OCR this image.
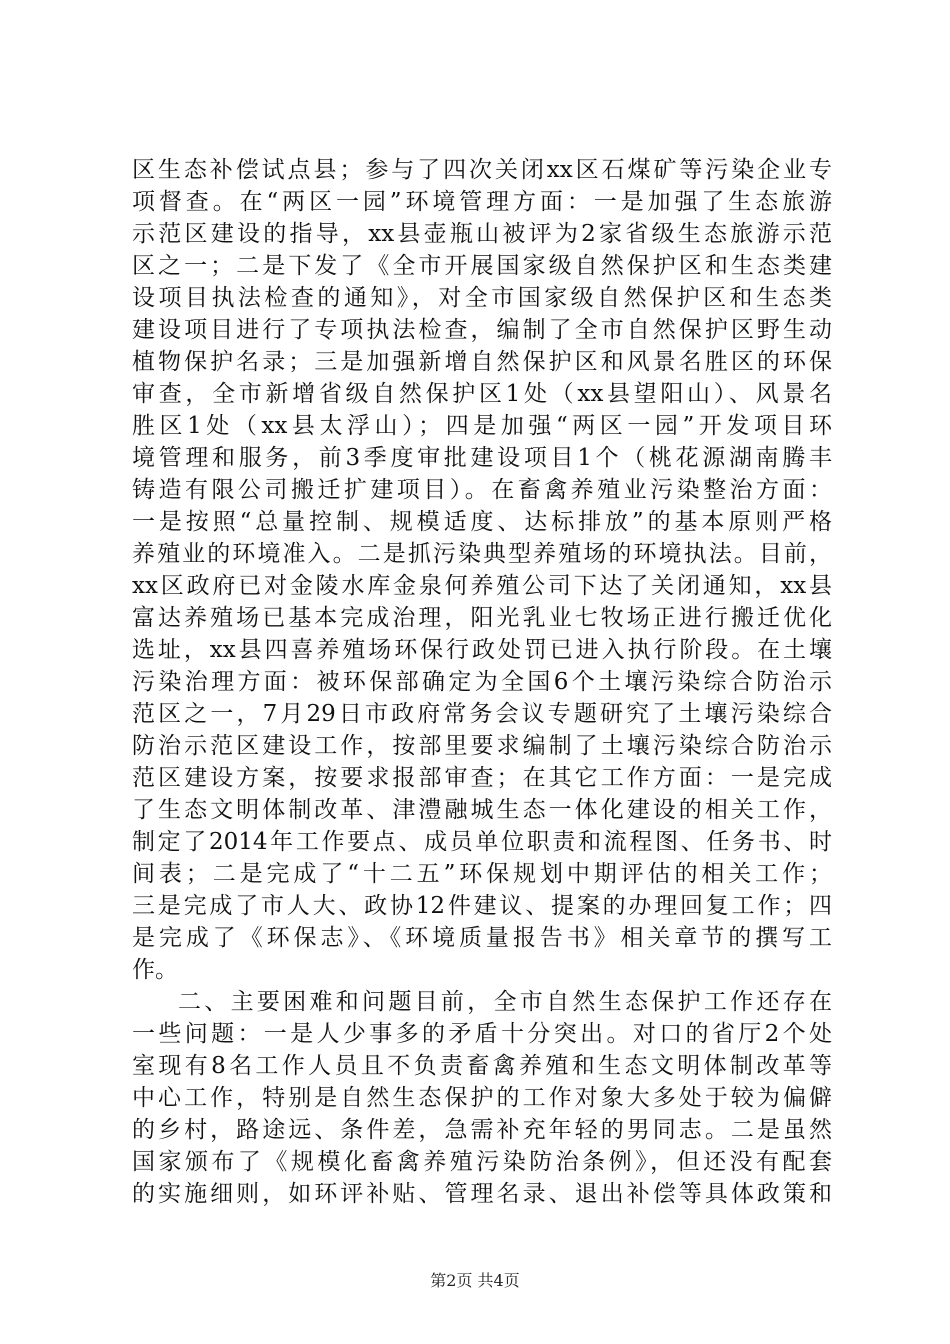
区生态补偿试点县；参与了四次关闭xx区石煤矿等污染企业专
项督查。在“两区一园”环境管理方面：一是加强了生态旅游
示范区建设的指导，xx县壶瓶山被评为2家省级生态旅游示范
区之一；二是下发了《全市开展国家级自然保护区和生态类建
设项目执法检查的通知》，对全市国家级自然保护区和生态类
建设项目进行了专项执法检查，编制了全市自然保护区野生动
植物保护名录；三是加强新增自然保护区和风景名胜区的环保
审查，全市新增省级自然保护区1处（xx县望阳山）、风景名
胜区1处（xx县太浮山）；四是加强“两区一园”开发项目环
境管理和服务，前3季度审批建设项目1个（桃花源湖南腾丰
铸造有限公司搬迁扩建项目）。在畜禽养殖业污染整治方面：
一是按照“总量控制、规模适度、达标排放”的基本原则严格
养殖业的环境准入。二是抓污染典型养殖场的环境执法。目前，
xx区政府已对金陵水库金泉何养殖公司下达了关闭通知，xx县
富达养殖场已基本完成治理，阳光乳业七牧场正进行搬迁优化
选址，xx县四喜养殖场环保行政处罚已进入执行阶段。在土壤
污染治理方面：被环保部确定为全国6个土壤污染综合防治示
范区之一，7月29日市政府常务会议专题研究了土壤污染综合
防治示范区建设工作，按部里要求编制了土壤污染综合防治示
范区建设方案，按要求报部审查；在其它工作方面：一是完成
了生态文明体制改革、津澧融城生态一体化建设的相关工作，
制定了2014年工作要点、成员单位职责和流程图、任务书、时
间表；二是完成了“十二五”环保规划中期评估的相关工作；
三是完成了市人大、政协12件建议、提案的办理回复工作；四
是完成了《环保志》、《环境质量报告书》相关章节的撰写工
作。
二、主要困难和问题目前，全市自然生态保护工作还存在
一些问题：一是人少事多的矛盾十分突出。对口的省厅2个处
室现有8名工作人员且不负责畜禽养殖和生态文明体制改革等
中心工作，特别是自然生态保护的工作对象大多处于较为偏僻
的乡村，路途远、条件差，急需补充年轻的男同志。二是虽然
国家颁布了《规模化畜禽养殖污染防治条例》，但还没有配套
的实施细则，如环评补贴、管理名录、退出补偿等具体政策和
第2页 共4页
